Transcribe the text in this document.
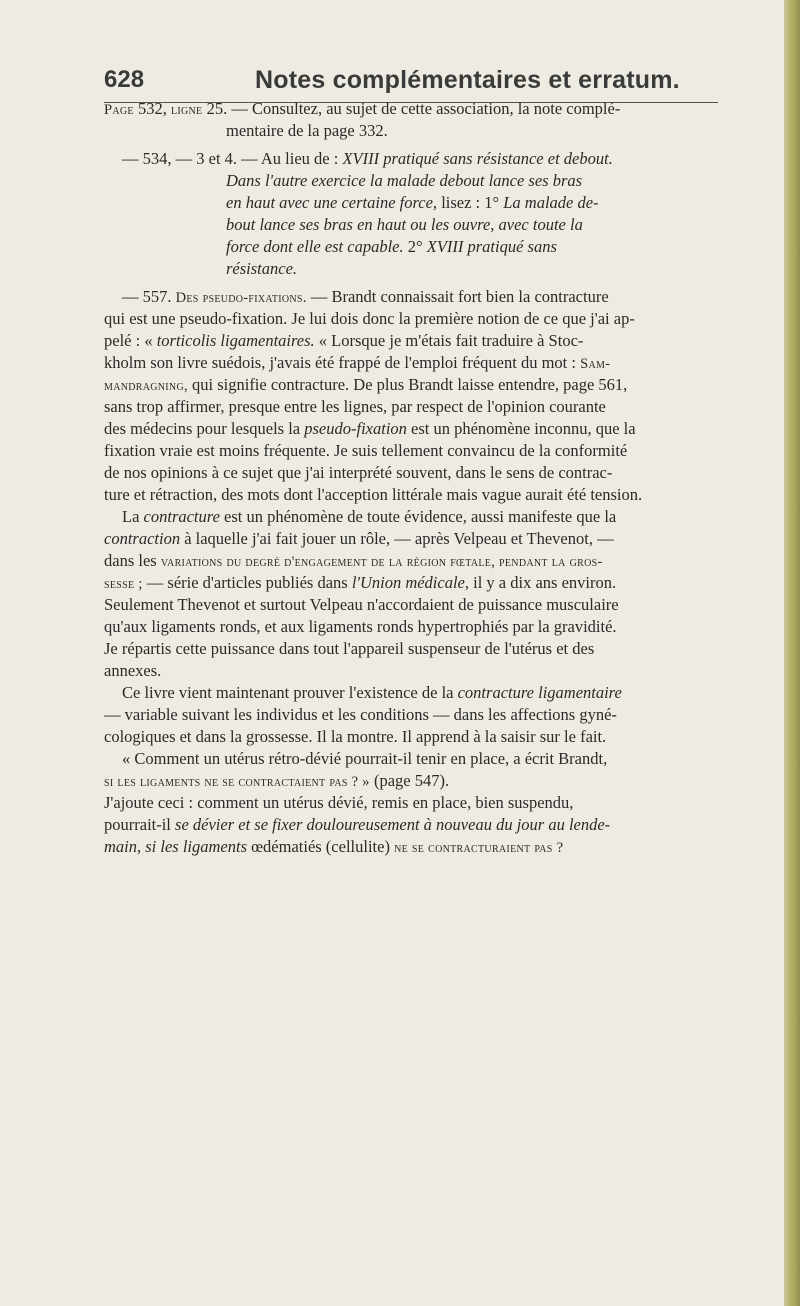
628	Notes complémentaires et erratum.
Page 532, ligne 25. — Consultez, au sujet de cette association, la note complé-
mentaire de la page 332.
— 534, — 3 et 4. — Au lieu de : XVIII pratiqué sans résistance et debout.
Dans l'autre exercice la malade debout lance ses bras
en haut avec une certaine force, lisez : 1° La malade de-
bout lance ses bras en haut ou les ouvre, avec toute la
force dont elle est capable. 2° XVIII pratiqué sans
résistance.
— 557. Des pseudo-fixations. — Brandt connaissait fort bien la contracture
qui est une pseudo-fixation. Je lui dois donc la première notion de ce que j'ai ap-
pelé : « torticolis ligamentaires. « Lorsque je m'étais fait traduire à Stoc-
kholm son livre suédois, j'avais été frappé de l'emploi fréquent du mot : Sam-
mandragning, qui signifie contracture. De plus Brandt laisse entendre, page 561,
sans trop affirmer, presque entre les lignes, par respect de l'opinion courante
des médecins pour lesquels la pseudo-fixation est un phénomène inconnu, que la
fixation vraie est moins fréquente. Je suis tellement convaincu de la conformité
de nos opinions à ce sujet que j'ai interprété souvent, dans le sens de contrac-
ture et rétraction, des mots dont l'acception littérale mais vague aurait été tension.
La contracture est un phénomène de toute évidence, aussi manifeste que la
contraction à laquelle j'ai fait jouer un rôle, — après Velpeau et Thevenot, —
dans les variations du degré d'engagement de la région fœtale, pendant la gros-
sesse ; — série d'articles publiés dans l'Union médicale, il y a dix ans environ.
Seulement Thevenot et surtout Velpeau n'accordaient de puissance musculaire
qu'aux ligaments ronds, et aux ligaments ronds hypertrophiés par la gravidité.
Je répartis cette puissance dans tout l'appareil suspenseur de l'utérus et des
annexes.
Ce livre vient maintenant prouver l'existence de la contracture ligamentaire
— variable suivant les individus et les conditions — dans les affections gyné-
cologiques et dans la grossesse. Il la montre. Il apprend à la saisir sur le fait.
« Comment un utérus rétro-dévié pourrait-il tenir en place, a écrit Brandt,
si les ligaments ne se contractaient pas ? » (page 547).
J'ajoute ceci : comment un utérus dévié, remis en place, bien suspendu,
pourrait-il se dévier et se fixer douloureusement à nouveau du jour au lende-
main, si les ligaments œdématiés (cellulite) ne se contracturaient pas ?
